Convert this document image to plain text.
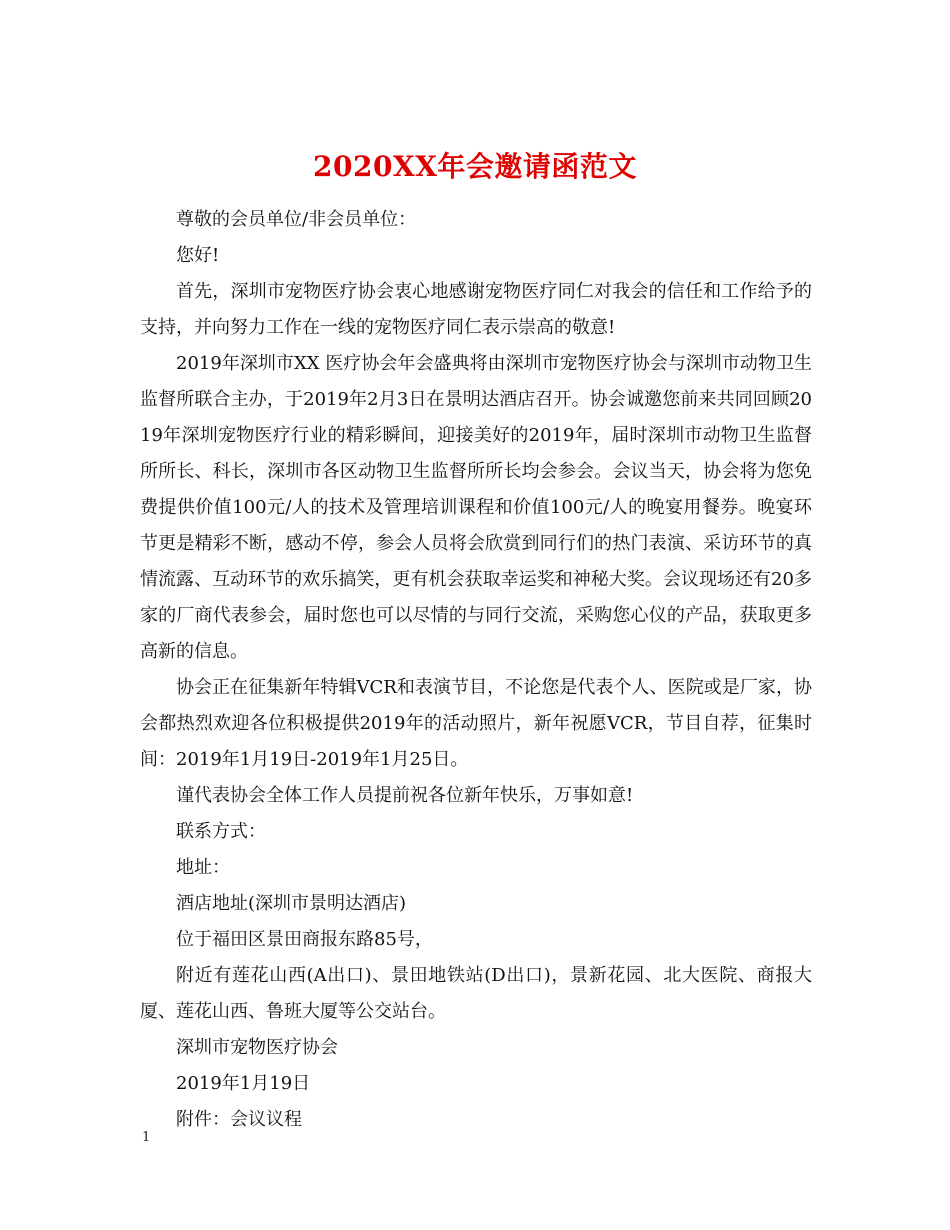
2020XX年会邀请函范文

尊敬的会员单位/非会员单位：

您好!

首先，深圳市宠物医疗协会衷心地感谢宠物医疗同仁对我会的信任和工作给予的支持，并向努力工作在一线的宠物医疗同仁表示崇高的敬意!

2019年深圳市XX 医疗协会年会盛典将由深圳市宠物医疗协会与深圳市动物卫生监督所联合主办，于2019年2月3日在景明达酒店召开。协会诚邀您前来共同回顾2019年深圳宠物医疗行业的精彩瞬间，迎接美好的2019年，届时深圳市动物卫生监督所所长、科长，深圳市各区动物卫生监督所所长均会参会。会议当天，协会将为您免费提供价值100元/人的技术及管理培训课程和价值100元/人的晚宴用餐券。晚宴环节更是精彩不断，感动不停，参会人员将会欣赏到同行们的热门表演、采访环节的真情流露、互动环节的欢乐搞笑，更有机会获取幸运奖和神秘大奖。会议现场还有20多家的厂商代表参会，届时您也可以尽情的与同行交流，采购您心仪的产品，获取更多高新的信息。

协会正在征集新年特辑VCR和表演节目，不论您是代表个人、医院或是厂家，协会都热烈欢迎各位积极提供2019年的活动照片，新年祝愿VCR，节目自荐，征集时间：2019年1月19日-2019年1月25日。

谨代表协会全体工作人员提前祝各位新年快乐，万事如意!

联系方式：

地址：

酒店地址(深圳市景明达酒店)

位于福田区景田商报东路85号，

附近有莲花山西(A出口)、景田地铁站(D出口)，景新花园、北大医院、商报大厦、莲花山西、鲁班大厦等公交站台。

深圳市宠物医疗协会

2019年1月19日

附件：会议议程

1
